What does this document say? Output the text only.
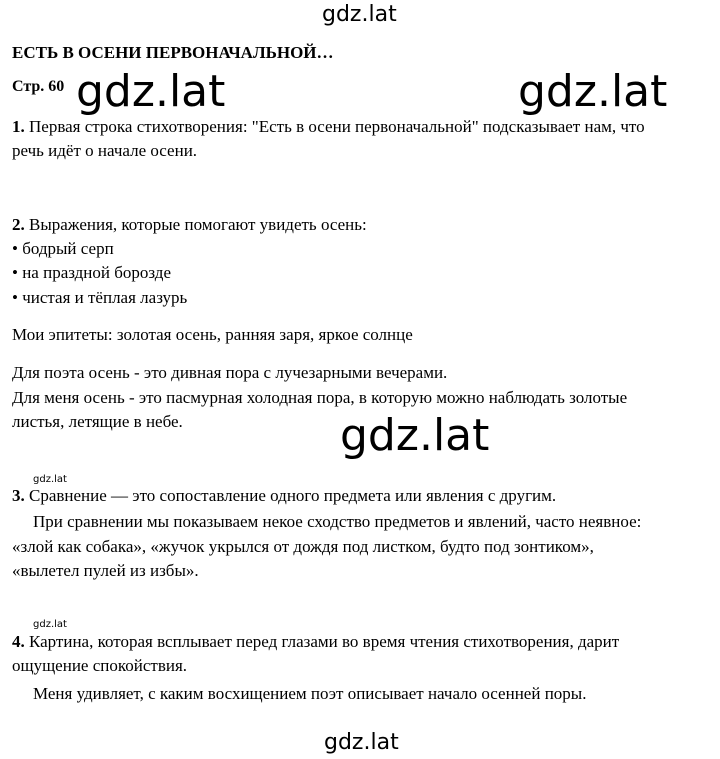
gdz.lat
gdz.lat	gdz.lat
gdz.lat
gdz.lat
gdz.lat
gdz.lat
ЕСТЬ В ОСЕНИ ПЕРВОНАЧАЛЬНОЙ…
Стр. 60
1. Первая строка стихотворения: "Есть в осени первоначальной" подсказывает нам, что
речь идёт о начале осени.
2. Выражения, которые помогают увидеть осень:
• бодрый серп
• на праздной борозде
• чистая и тёплая лазурь
Мои эпитеты: золотая осень, ранняя заря, яркое солнце
Для поэта осень - это дивная пора с лучезарными вечерами.
Для меня осень - это пасмурная холодная пора, в которую можно наблюдать золотые
листья, летящие в небе.
3. Сравнение — это сопоставление одного предмета или явления с другим.
При сравнении мы показываем некое сходство предметов и явлений, часто неявное:
«злой как собака», «жучок укрылся от дождя под листком, будто под зонтиком»,
«вылетел пулей из избы».
4. Картина, которая всплывает перед глазами во время чтения стихотворения, дарит
ощущение спокойствия.
Меня удивляет, с каким восхищением поэт описывает начало осенней поры.
